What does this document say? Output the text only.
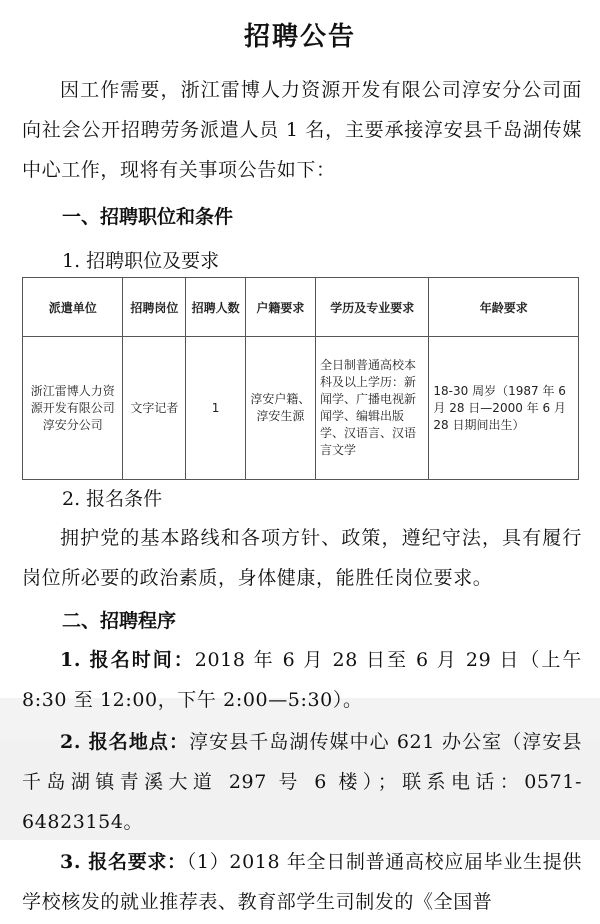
招聘公告
因工作需要，浙江雷博人力资源开发有限公司淳安分公司面向社会公开招聘劳务派遣人员 1 名，主要承接淳安县千岛湖传媒中心工作，现将有关事项公告如下：
一、招聘职位和条件
1. 招聘职位及要求
派遣单位	招聘岗位	招聘人数	户籍要求	学历及专业要求	年龄要求
浙江雷博人力资源开发有限公司淳安分公司	文字记者	1	淳安户籍、淳安生源	全日制普通高校本科及以上学历：新闻学、广播电视新闻学、编辑出版学、汉语言、汉语言文学	18-30 周岁（1987 年 6 月 28 日—2000 年 6 月 28 日期间出生）
2. 报名条件
拥护党的基本路线和各项方针、政策，遵纪守法，具有履行岗位所必要的政治素质，身体健康，能胜任岗位要求。
二、招聘程序
1. 报名时间：2018 年 6 月 28 日至 6 月 29 日（上午 8:30 至 12:00，下午 2:00—5:30）。
2. 报名地点：淳安县千岛湖传媒中心 621 办公室（淳安县千岛湖镇青溪大道 297 号 6 楼）；联系电话：0571-64823154。
3. 报名要求：（1）2018 年全日制普通高校应届毕业生提供学校核发的就业推荐表、教育部学生司制发的《全国普
